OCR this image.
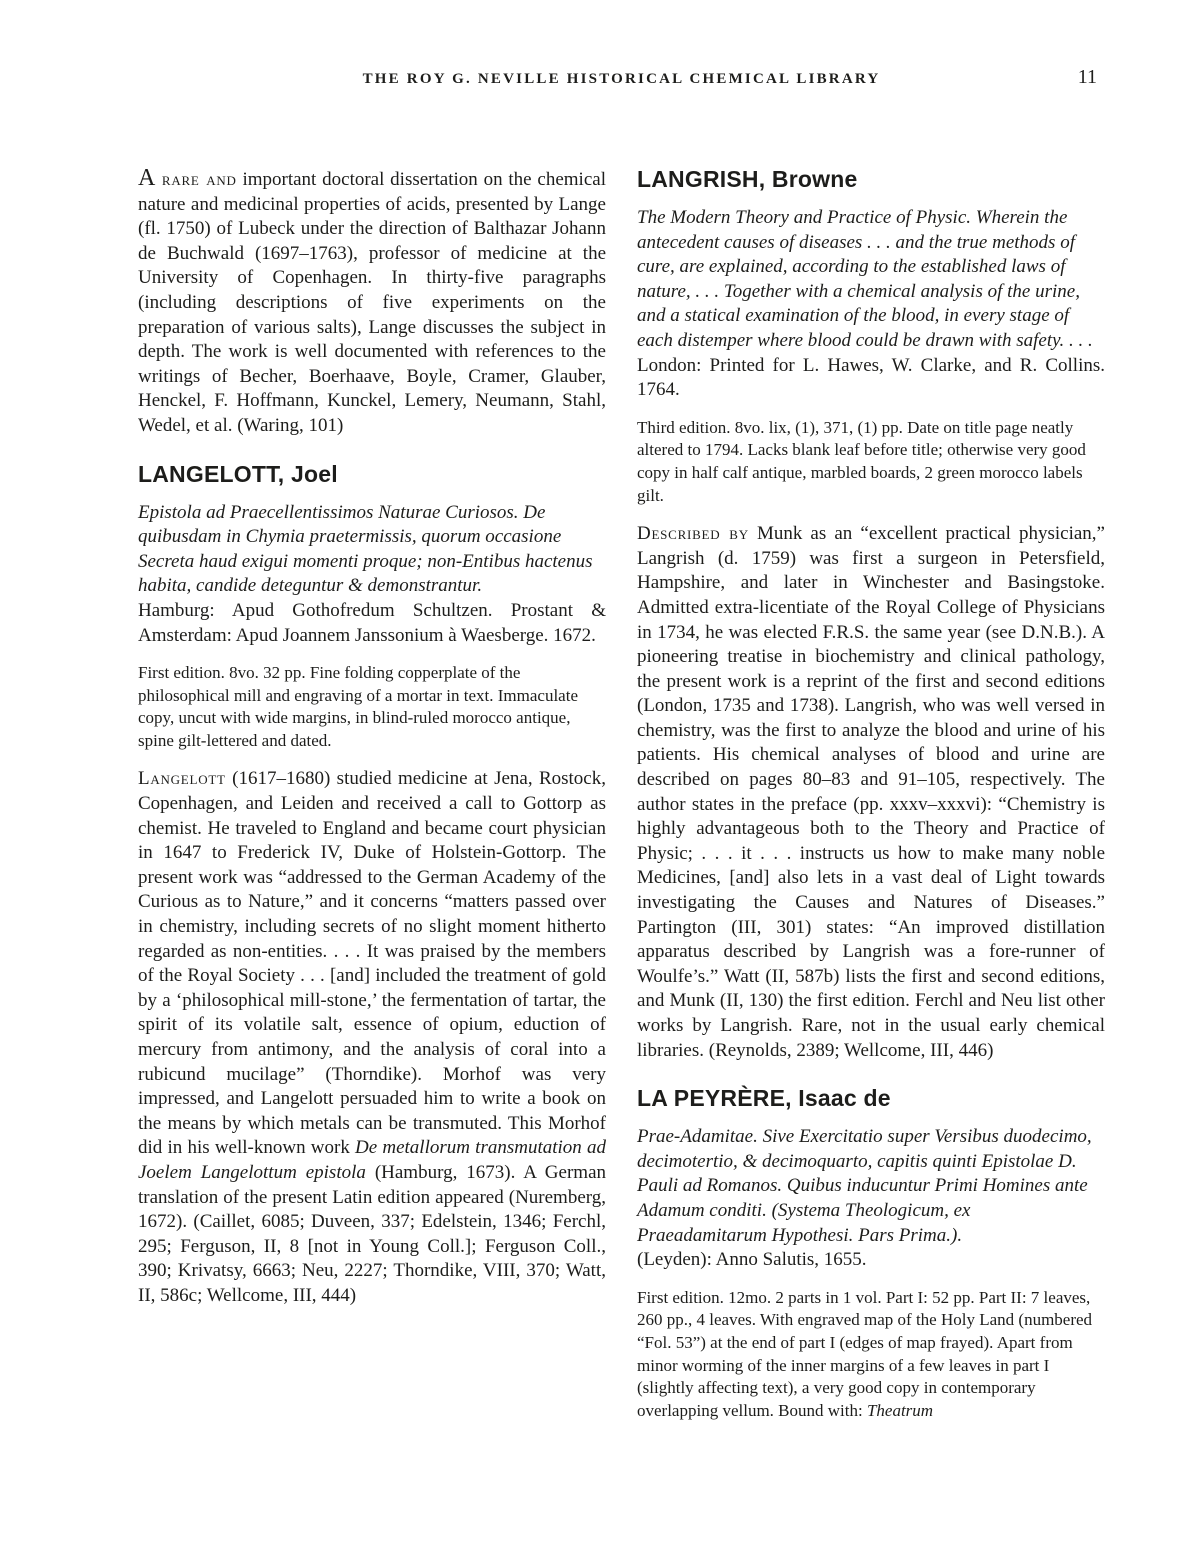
THE ROY G. NEVILLE HISTORICAL CHEMICAL LIBRARY	11

A rare and important doctoral dissertation on the chemical nature and medicinal properties of acids, presented by Lange (fl. 1750) of Lubeck under the direction of Balthazar Johann de Buchwald (1697–1763), professor of medicine at the University of Copenhagen. In thirty-five paragraphs (including descriptions of five experiments on the preparation of various salts), Lange discusses the subject in depth. The work is well documented with references to the writings of Becher, Boerhaave, Boyle, Cramer, Glauber, Henckel, F. Hoffmann, Kunckel, Lemery, Neumann, Stahl, Wedel, et al. (Waring, 101)

LANGELOTT, Joel
Epistola ad Praecellentissimos Naturae Curiosos. De quibusdam in Chymia praetermissis, quorum occasione Secreta haud exigui momenti proque; non-Entibus hactenus habita, candide deteguntur & demonstrantur.
Hamburg: Apud Gothofredum Schultzen. Prostant & Amsterdam: Apud Joannem Janssonium à Waesberge. 1672.

First edition. 8vo. 32 pp. Fine folding copperplate of the philosophical mill and engraving of a mortar in text. Immaculate copy, uncut with wide margins, in blind-ruled morocco antique, spine gilt-lettered and dated.

Langelott (1617–1680) studied medicine at Jena, Rostock, Copenhagen, and Leiden and received a call to Gottorp as chemist. He traveled to England and became court physician in 1647 to Frederick IV, Duke of Holstein-Gottorp. The present work was “addressed to the German Academy of the Curious as to Nature,” and it concerns “matters passed over in chemistry, including secrets of no slight moment hitherto regarded as non-entities. . . . It was praised by the members of the Royal Society . . . [and] included the treatment of gold by a ‘philosophical mill-stone,’ the fermentation of tartar, the spirit of its volatile salt, essence of opium, eduction of mercury from antimony, and the analysis of coral into a rubicund mucilage” (Thorndike). Morhof was very impressed, and Langelott persuaded him to write a book on the means by which metals can be transmuted. This Morhof did in his well-known work De metallorum transmutation ad Joelem Langelottum epistola (Hamburg, 1673). A German translation of the present Latin edition appeared (Nuremberg, 1672). (Caillet, 6085; Duveen, 337; Edelstein, 1346; Ferchl, 295; Ferguson, II, 8 [not in Young Coll.]; Ferguson Coll., 390; Krivatsy, 6663; Neu, 2227; Thorndike, VIII, 370; Watt, II, 586c; Wellcome, III, 444)

LANGRISH, Browne
The Modern Theory and Practice of Physic. Wherein the antecedent causes of diseases . . . and the true methods of cure, are explained, according to the established laws of nature, . . . Together with a chemical analysis of the urine, and a statical examination of the blood, in every stage of each distemper where blood could be drawn with safety. . . .
London: Printed for L. Hawes, W. Clarke, and R. Collins. 1764.

Third edition. 8vo. lix, (1), 371, (1) pp. Date on title page neatly altered to 1794. Lacks blank leaf before title; otherwise very good copy in half calf antique, marbled boards, 2 green morocco labels gilt.

Described by Munk as an “excellent practical physician,” Langrish (d. 1759) was first a surgeon in Petersfield, Hampshire, and later in Winchester and Basingstoke. Admitted extra-licentiate of the Royal College of Physicians in 1734, he was elected F.R.S. the same year (see D.N.B.). A pioneering treatise in biochemistry and clinical pathology, the present work is a reprint of the first and second editions (London, 1735 and 1738). Langrish, who was well versed in chemistry, was the first to analyze the blood and urine of his patients. His chemical analyses of blood and urine are described on pages 80–83 and 91–105, respectively. The author states in the preface (pp. xxxv–xxxvi): “Chemistry is highly advantageous both to the Theory and Practice of Physic; . . . it . . . instructs us how to make many noble Medicines, [and] also lets in a vast deal of Light towards investigating the Causes and Natures of Diseases.” Partington (III, 301) states: “An improved distillation apparatus described by Langrish was a fore-runner of Woulfe’s.” Watt (II, 587b) lists the first and second editions, and Munk (II, 130) the first edition. Ferchl and Neu list other works by Langrish. Rare, not in the usual early chemical libraries. (Reynolds, 2389; Wellcome, III, 446)

LA PEYRÈRE, Isaac de
Prae-Adamitae. Sive Exercitatio super Versibus duodecimo, decimotertio, & decimoquarto, capitis quinti Epistolae D. Pauli ad Romanos. Quibus inducuntur Primi Homines ante Adamum conditi. (Systema Theologicum, ex Praeadamitarum Hypothesi. Pars Prima.).
(Leyden): Anno Salutis, 1655.

First edition. 12mo. 2 parts in 1 vol. Part I: 52 pp. Part II: 7 leaves, 260 pp., 4 leaves. With engraved map of the Holy Land (numbered “Fol. 53”) at the end of part I (edges of map frayed). Apart from minor worming of the inner margins of a few leaves in part I (slightly affecting text), a very good copy in contemporary overlapping vellum. Bound with: Theatrum
